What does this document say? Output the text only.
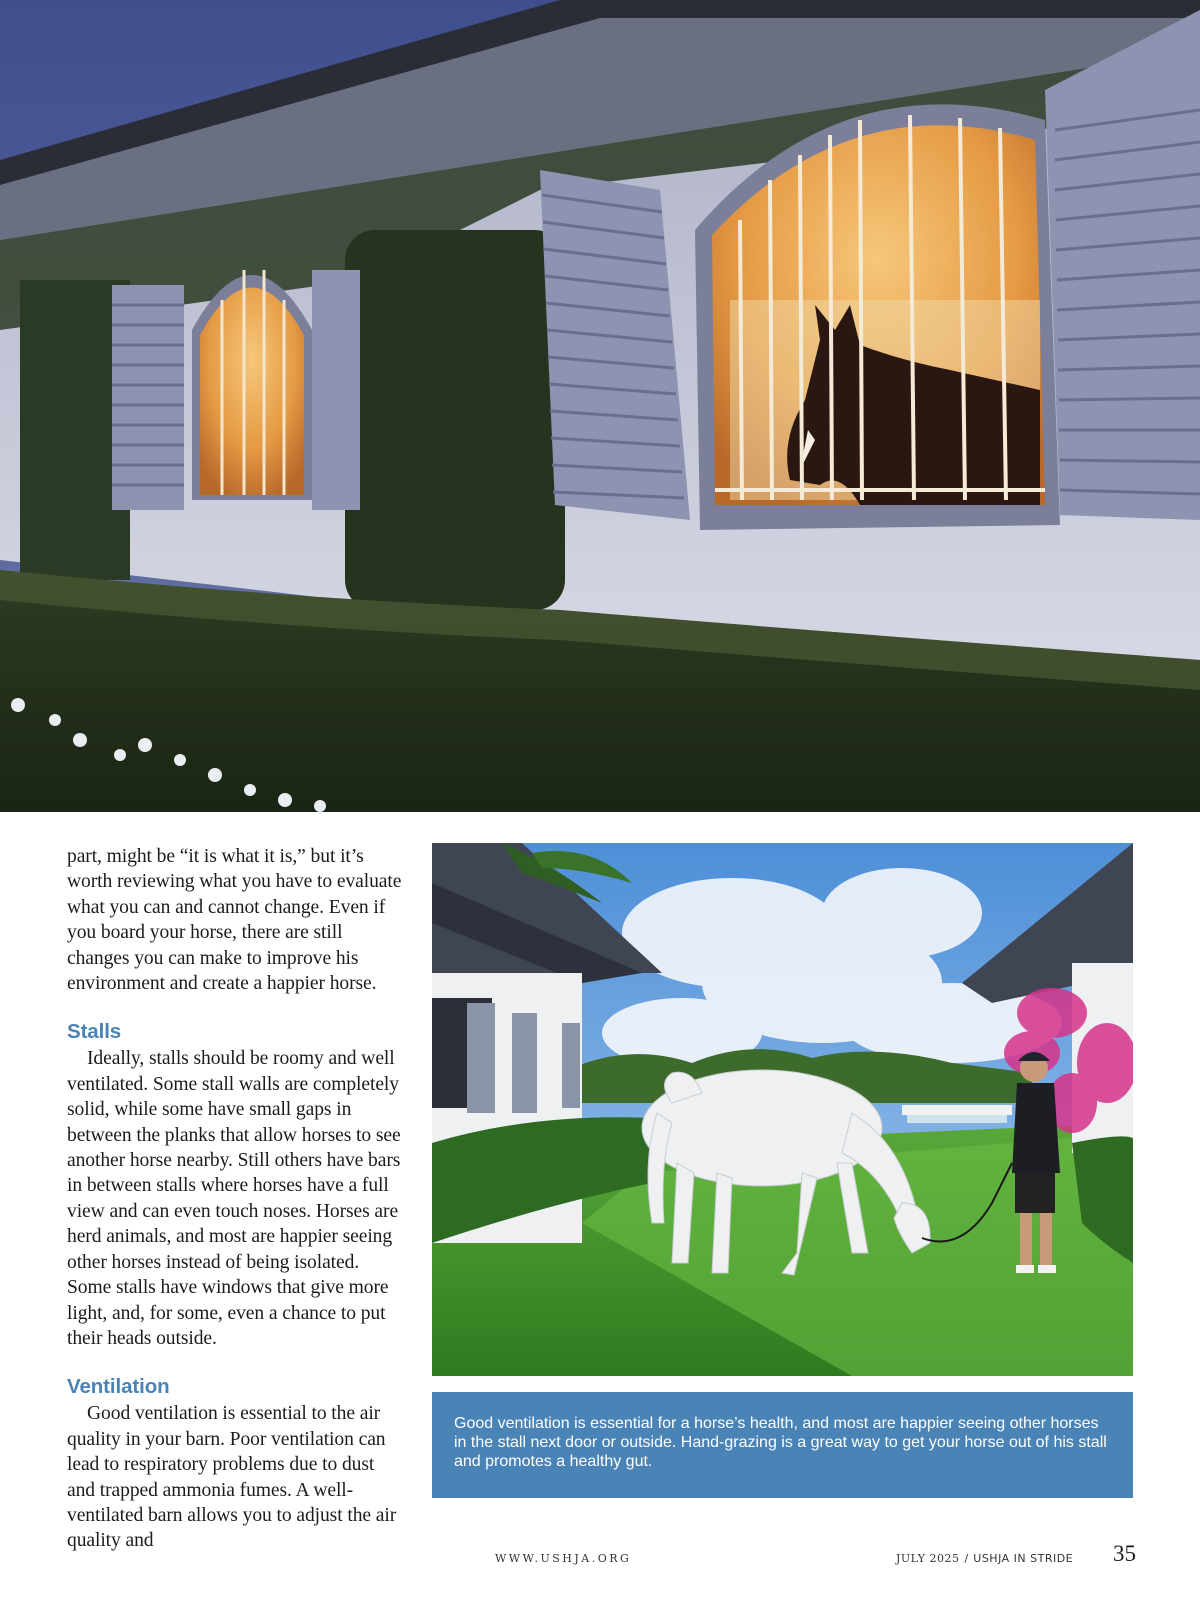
part, might be “it is what it is,” but it’s worth reviewing what you have to evaluate what you can and cannot change. Even if you board your horse, there are still changes you can make to improve his environment and create a happier horse.

Stalls

Ideally, stalls should be roomy and well ventilated. Some stall walls are completely solid, while some have small gaps in between the planks that allow horses to see another horse nearby. Still others have bars in between stalls where horses have a full view and can even touch noses. Horses are herd animals, and most are happier seeing other horses instead of being isolated. Some stalls have windows that give more light, and, for some, even a chance to put their heads outside.

Ventilation

Good ventilation is essential to the air quality in your barn. Poor ventilation can lead to respiratory problems due to dust and trapped ammonia fumes. A well-ventilated barn allows you to adjust the air quality and

Good ventilation is essential for a horse’s health, and most are happier seeing other horses in the stall next door or outside. Hand-grazing is a great way to get your horse out of his stall and promotes a healthy gut.
WWW.USHJA.ORG	JULY 2025 / USHJA IN STRIDE 35
